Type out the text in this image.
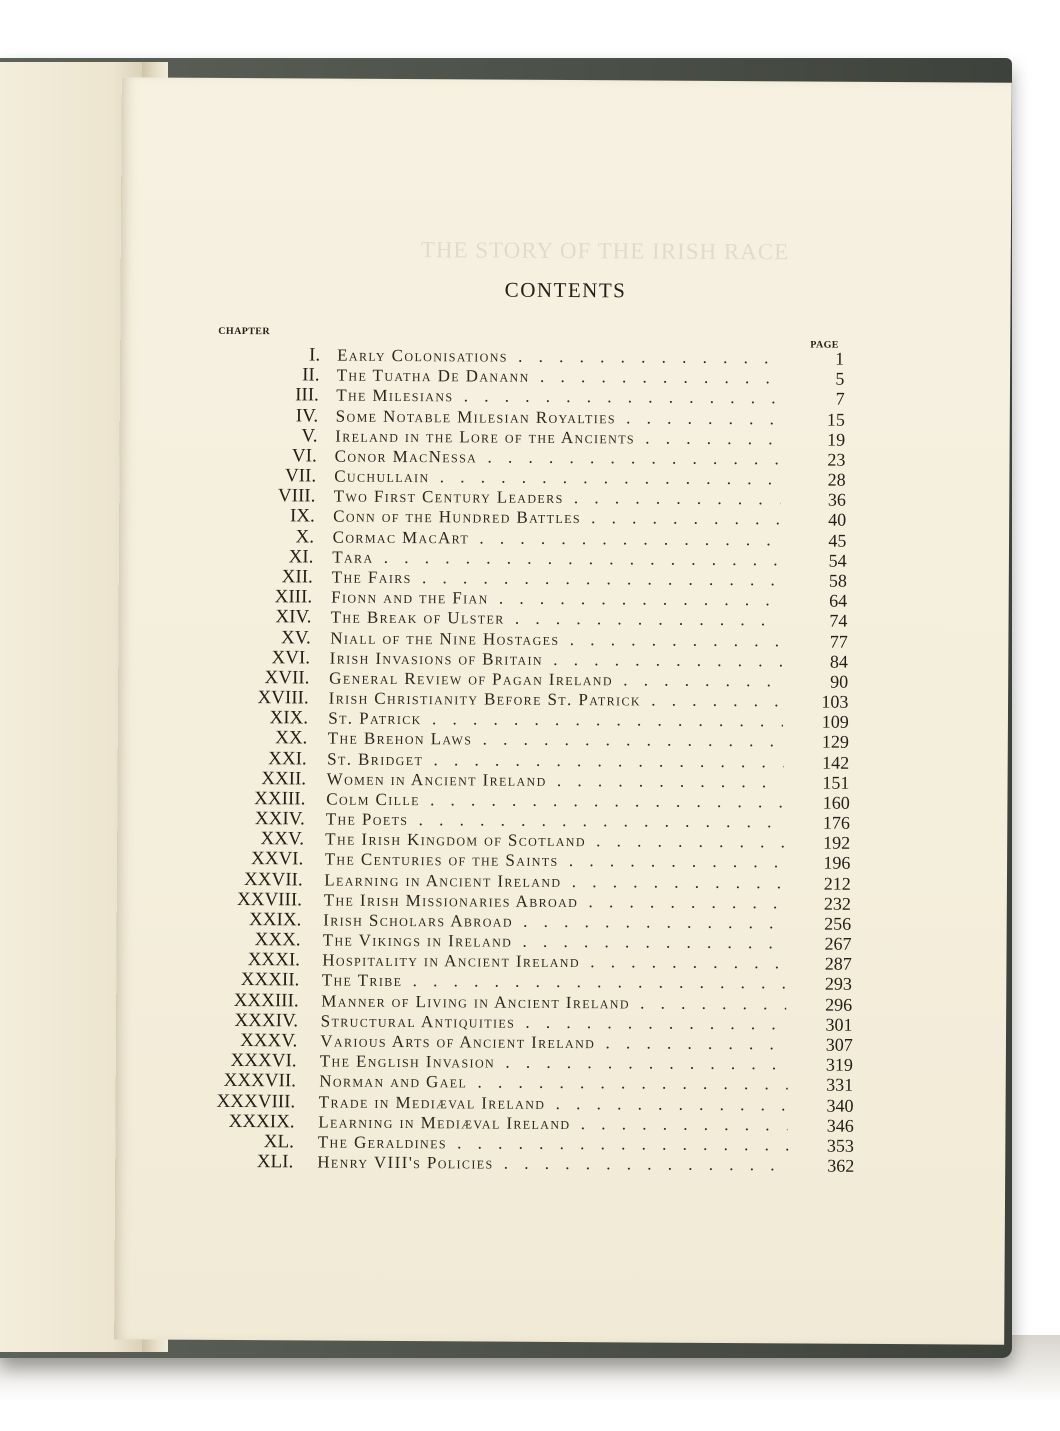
THE STORY OF THE IRISH RACE
CONTENTS
CHAPTER
PAGE
I. Early Colonisations . . .	1
II. The Tuatha De Danann . . .	5
III. The Milesians . . .	7
IV. Some Notable Milesian Royalties . . .	15
V. Ireland in the Lore of the Ancients . . .	19
VI. Conor MacNessa . . .	23
VII. Cuchullain . . .	28
VIII. Two First Century Leaders . . .	36
IX. Conn of the Hundred Battles . . .	40
X. Cormac MacArt . . .	45
XI. Tara . . .	54
XII. The Fairs . . .	58
XIII. Fionn and the Fian . . .	64
XIV. The Break of Ulster . . .	74
XV. Niall of the Nine Hostages . . .	77
XVI. Irish Invasions of Britain . . .	84
XVII. General Review of Pagan Ireland . . .	90
XVIII. Irish Christianity Before St. Patrick . . .	103
XIX. St. Patrick . . .	109
XX. The Brehon Laws . . .	129
XXI. St. Bridget . . .	142
XXII. Women in Ancient Ireland . . .	151
XXIII. Colm Cille . . .	160
XXIV. The Poets . . .	176
XXV. The Irish Kingdom of Scotland . . .	192
XXVI. The Centuries of the Saints . . .	196
XXVII. Learning in Ancient Ireland . . .	212
XXVIII. The Irish Missionaries Abroad . . .	232
XXIX. Irish Scholars Abroad . . .	256
XXX. The Vikings in Ireland . . .	267
XXXI. Hospitality in Ancient Ireland . . .	287
XXXII. The Tribe . . .	293
XXXIII. Manner of Living in Ancient Ireland . . .	296
XXXIV. Structural Antiquities . . .	301
XXXV. Various Arts of Ancient Ireland . . .	307
XXXVI. The English Invasion . . .	319
XXXVII. Norman and Gael . . .	331
XXXVIII. Trade in Mediæval Ireland . . .	340
XXXIX. Learning in Mediæval Ireland . . .	346
XL. The Geraldines . . .	353
XLI. Henry VIII's Policies . . .	362
